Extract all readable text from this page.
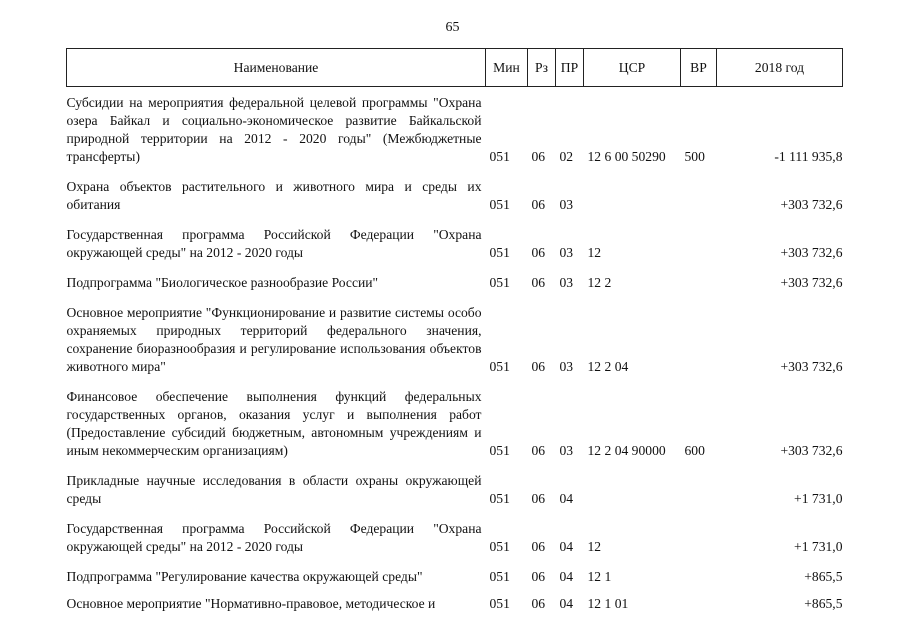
65
Наименование	Мин	Рз	ПР	ЦСР	ВР	2018 год
Субсидии на мероприятия федеральной целевой программы "Охрана озера Байкал и социально-экономическое развитие Байкальской природной территории на 2012 - 2020 годы" (Межбюджетные трансферты)	051	06	02	12 6 00 50290	500	-1 111 935,8
Охрана объектов растительного и животного мира и среды их обитания	051	06	03			+303 732,6
Государственная программа Российской Федерации "Охрана окружающей среды" на 2012 - 2020 годы	051	06	03	12		+303 732,6
Подпрограмма "Биологическое разнообразие России"	051	06	03	12 2		+303 732,6
Основное мероприятие "Функционирование и развитие системы особо охраняемых природных территорий федерального значения, сохранение биоразнообразия и регулирование использования объектов животного мира"	051	06	03	12 2 04		+303 732,6
Финансовое обеспечение выполнения функций федеральных государственных органов, оказания услуг и выполнения работ (Предоставление субсидий бюджетным, автономным учреждениям и иным некоммерческим организациям)	051	06	03	12 2 04 90000	600	+303 732,6
Прикладные научные исследования в области охраны окружающей среды	051	06	04			+1 731,0
Государственная программа Российской Федерации "Охрана окружающей среды" на 2012 - 2020 годы	051	06	04	12		+1 731,0
Подпрограмма "Регулирование качества окружающей среды"	051	06	04	12 1		+865,5
Основное мероприятие "Нормативно-правовое, методическое и	051	06	04	12 1 01		+865,5
